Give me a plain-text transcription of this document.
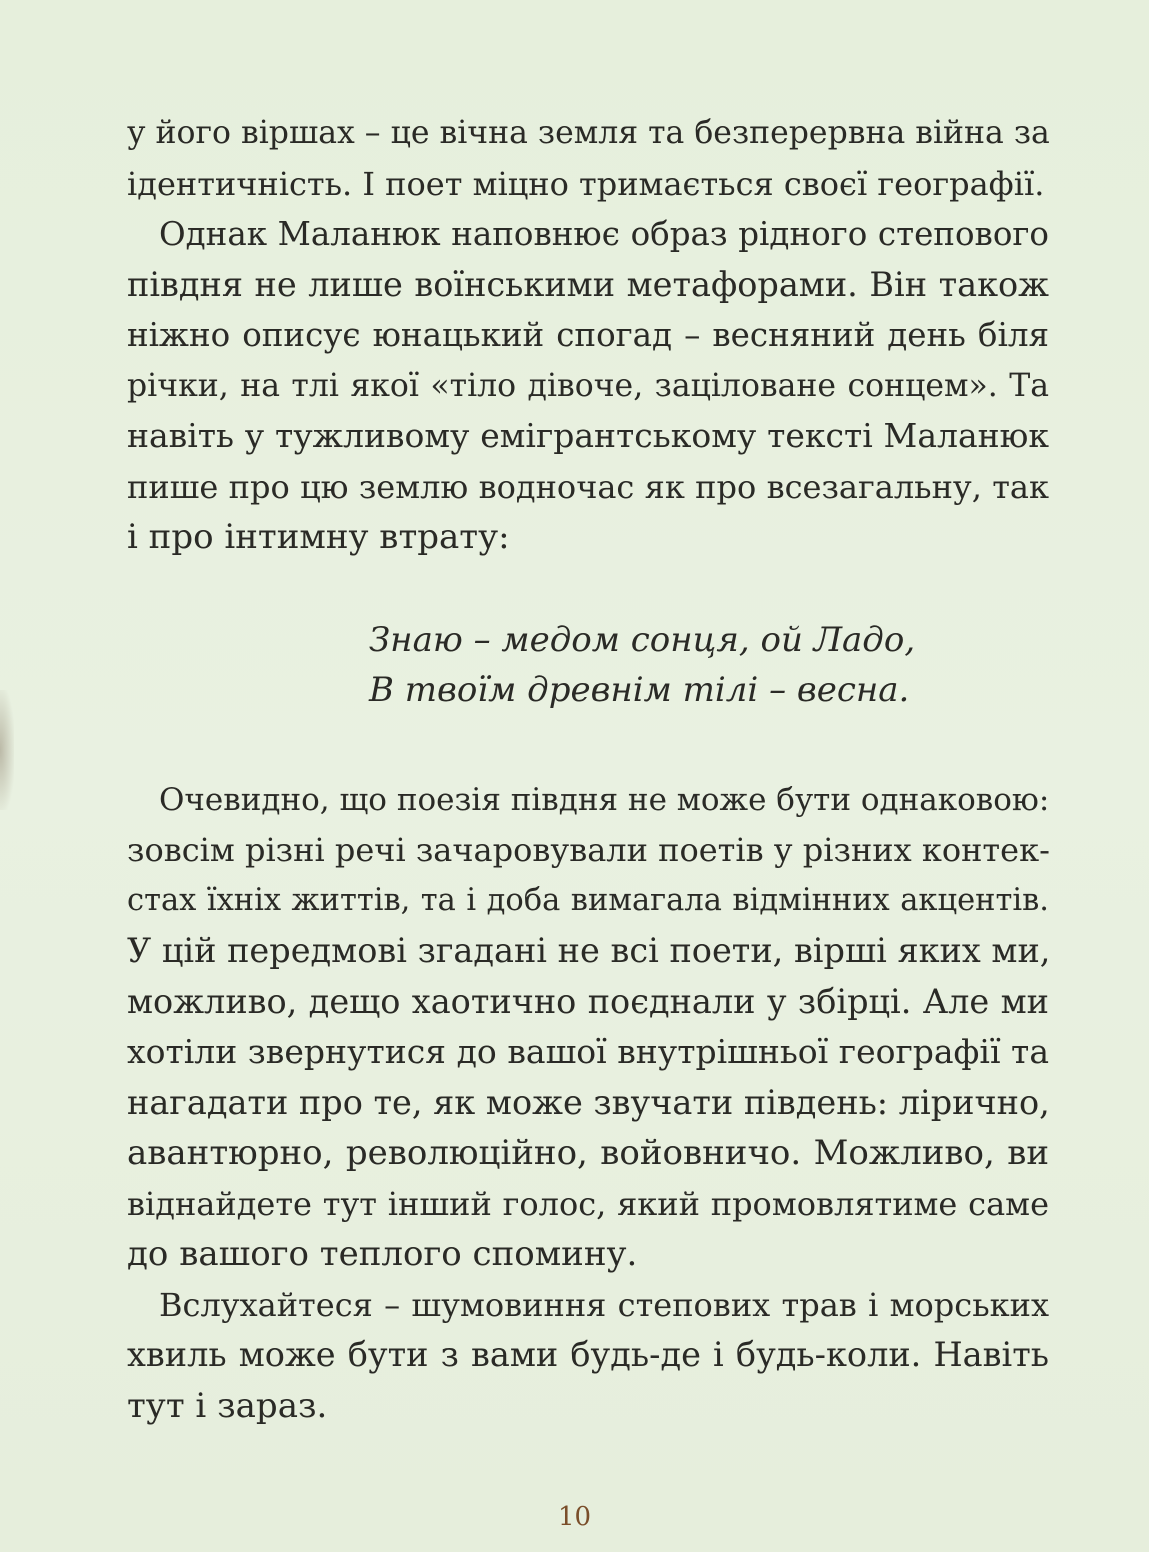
у його віршах – це вічна земля та безперервна війна за
ідентичність. І поет міцно тримається своєї географії.

Однак Маланюк наповнює образ рідного степового
півдня не лише воїнськими метафорами. Він також
ніжно описує юнацький спогад – весняний день біля
річки, на тлі якої «тіло дівоче, заціловане сонцем». Та
навіть у тужливому емігрантському тексті Маланюк
пише про цю землю водночас як про всезагальну, так
і про інтимну втрату:

Знаю – медом сонця, ой Ладо,
В твоїм древнім тілі – весна.

Очевидно, що поезія півдня не може бути однаковою:
зовсім різні речі зачаровували поетів у різних контек-
стах їхніх життів, та і доба вимагала відмінних акцентів.
У цій передмові згадані не всі поети, вірші яких ми,
можливо, дещо хаотично поєднали у збірці. Але ми
хотіли звернутися до вашої внутрішньої географії та
нагадати про те, як може звучати південь: лірично,
авантюрно, революційно, войовничо. Можливо, ви
віднайдете тут інший голос, який промовлятиме саме
до вашого теплого спомину.

Вслухайтеся – шумовиння степових трав і морських
хвиль може бути з вами будь-де і будь-коли. Навіть
тут і зараз.

10
